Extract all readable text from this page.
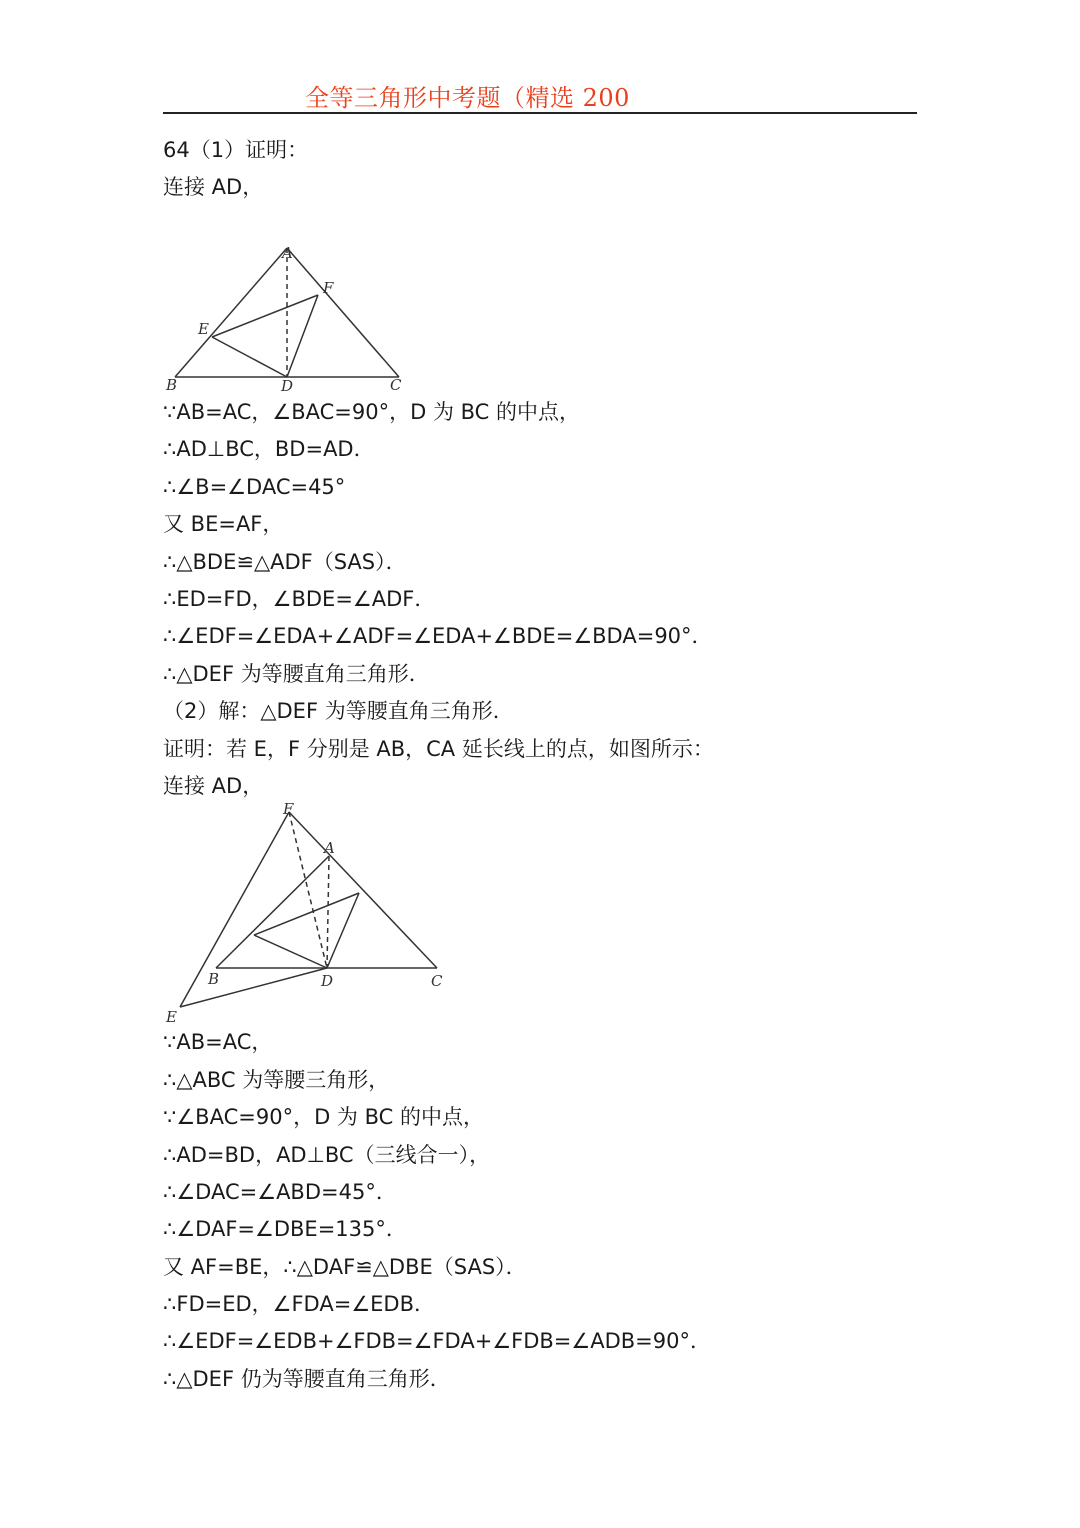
全等三角形中考题（精选 200
64（1）证明：
连接 AD，
A
B	C
D
E
F
∵AB=AC，∠BAC=90°，D 为 BC 的中点，
∴AD⊥BC，BD=AD．
∴∠B=∠DAC=45°
又 BE=AF，
∴△BDE≌△ADF（SAS）．
∴ED=FD，∠BDE=∠ADF．
∴∠EDF=∠EDA+∠ADF=∠EDA+∠BDE=∠BDA=90°．
∴△DEF 为等腰直角三角形．
（2）解：△DEF 为等腰直角三角形．
证明：若 E，F 分别是 AB，CA 延长线上的点，如图所示：
连接 AD，
F
A
B	D	C
E
∵AB=AC，
∴△ABC 为等腰三角形，
∵∠BAC=90°，D 为 BC 的中点，
∴AD=BD，AD⊥BC（三线合一），
∴∠DAC=∠ABD=45°．
∴∠DAF=∠DBE=135°．
又 AF=BE，∴△DAF≌△DBE（SAS）．
∴FD=ED，∠FDA=∠EDB．
∴∠EDF=∠EDB+∠FDB=∠FDA+∠FDB=∠ADB=90°．
∴△DEF 仍为等腰直角三角形．
